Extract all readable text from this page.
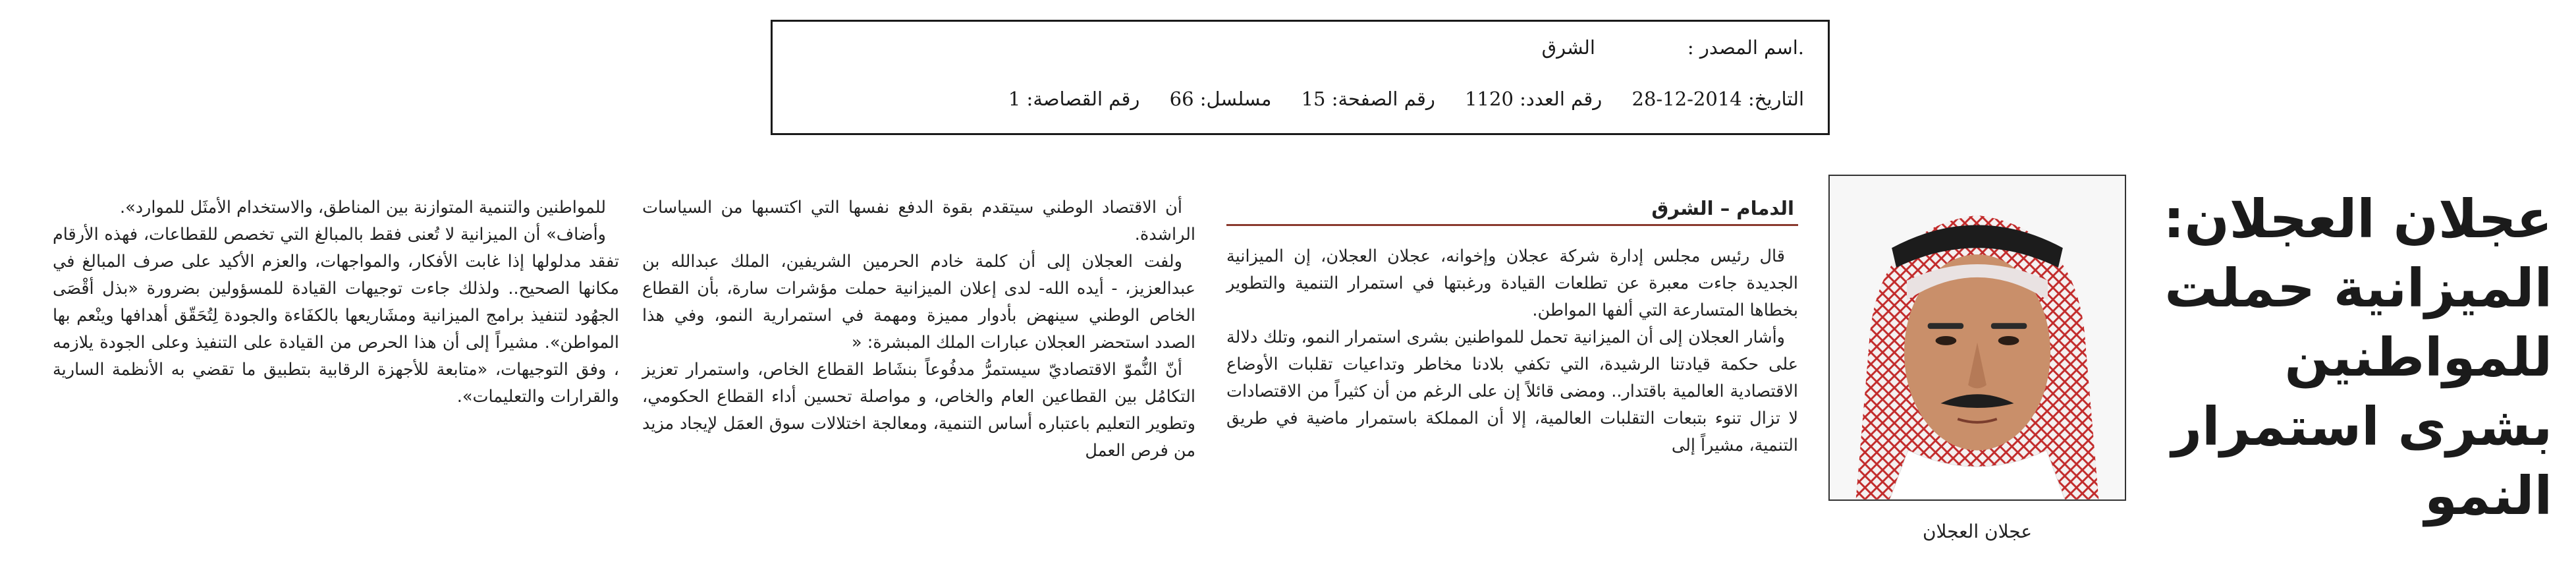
.اسم المصدر :الشرق
التاريخ: 28-12-2014 رقم العدد: 1120 رقم الصفحة: 15 مسلسل: 66 رقم القصاصة: 1
عجلان العجلان:
الميزانية حملت
للمواطنين
بشرى استمرار
النمو
عجلان العجلان
الدمام – الشرق

قال رئيس مجلس إدارة شركة عجلان وإخوانه، عجلان العجلان، إن الميزانية الجديدة جاءت معبرة عن تطلعات القيادة ورغبتها في استمرار التنمية والتطوير بخطاها المتسارعة التي ألفها المواطن.

وأشار العجلان إلى أن الميزانية تحمل للمواطنين بشرى استمرار النمو، وتلك دلالة على حكمة قيادتنا الرشيدة، التي تكفي بلادنا مخاطر وتداعيات تقلبات الأوضاع الاقتصادية العالمية باقتدار.. ومضى قائلاً إن على الرغم من أن كثيراً من الاقتصادات لا تزال تنوء بتبعات التقلبات العالمية، إلا أن المملكة باستمرار ماضية في طريق التنمية، مشيراً إلى

أن الاقتصاد الوطني سيتقدم بقوة الدفع نفسها التي اكتسبها من السياسات الراشدة.

ولفت العجلان إلى أن كلمة خادم الحرمين الشريفين، الملك عبدالله بن عبدالعزيز، - أيده الله- لدى إعلان الميزانية حملت مؤشرات سارة، بأن القطاع الخاص الوطني سينهض بأدوار مميزة ومهمة في استمرارية النمو، وفي هذا الصدد استحضر العجلان عبارات الملك المبشرة: «

أنّ النُّموّ الاقتصاديّ سيستمرُّ مدفُوعاً بنشَاط القطاع الخاص، واستمرار تعزيز التكامُل بين القطاعين العام والخاص، و مواصلة تحسين أداء القطاع الحكومي، وتطوير التعليم باعتباره أساس التنمية، ومعالجة اختلالات سوق العمَل لإيجاد مزيد من فرص العمل

للمواطنين والتنمية المتوازنة بين المناطق، والاستخدام الأمثَل للموارد».

وأضاف» أن الميزانية لا تُعنى فقط بالمبالغ التي تخصص للقطاعات، فهذه الأرقام تفقد مدلولها إذا غابت الأفكار، والمواجهات، والعزم الأكيد على صرف المبالغ في مكانها الصحيح.. ولذلك جاءت توجيهات القيادة للمسؤولين بضرورة «بذل أقْصَى الجهُود لتنفيذ برامج الميزانية ومشَاريعها بالكفَاءة والجودة لِتُحَقّق أهدافها وينْعم بها المواطن». مشيراً إلى أن هذا الحرص من القيادة على التنفيذ وعلى الجودة يلازمه ، وفق التوجيهات، «متابعة للأجهزة الرقابية بتطبيق ما تقضي به الأنظمة السارية والقرارات والتعليمات».
